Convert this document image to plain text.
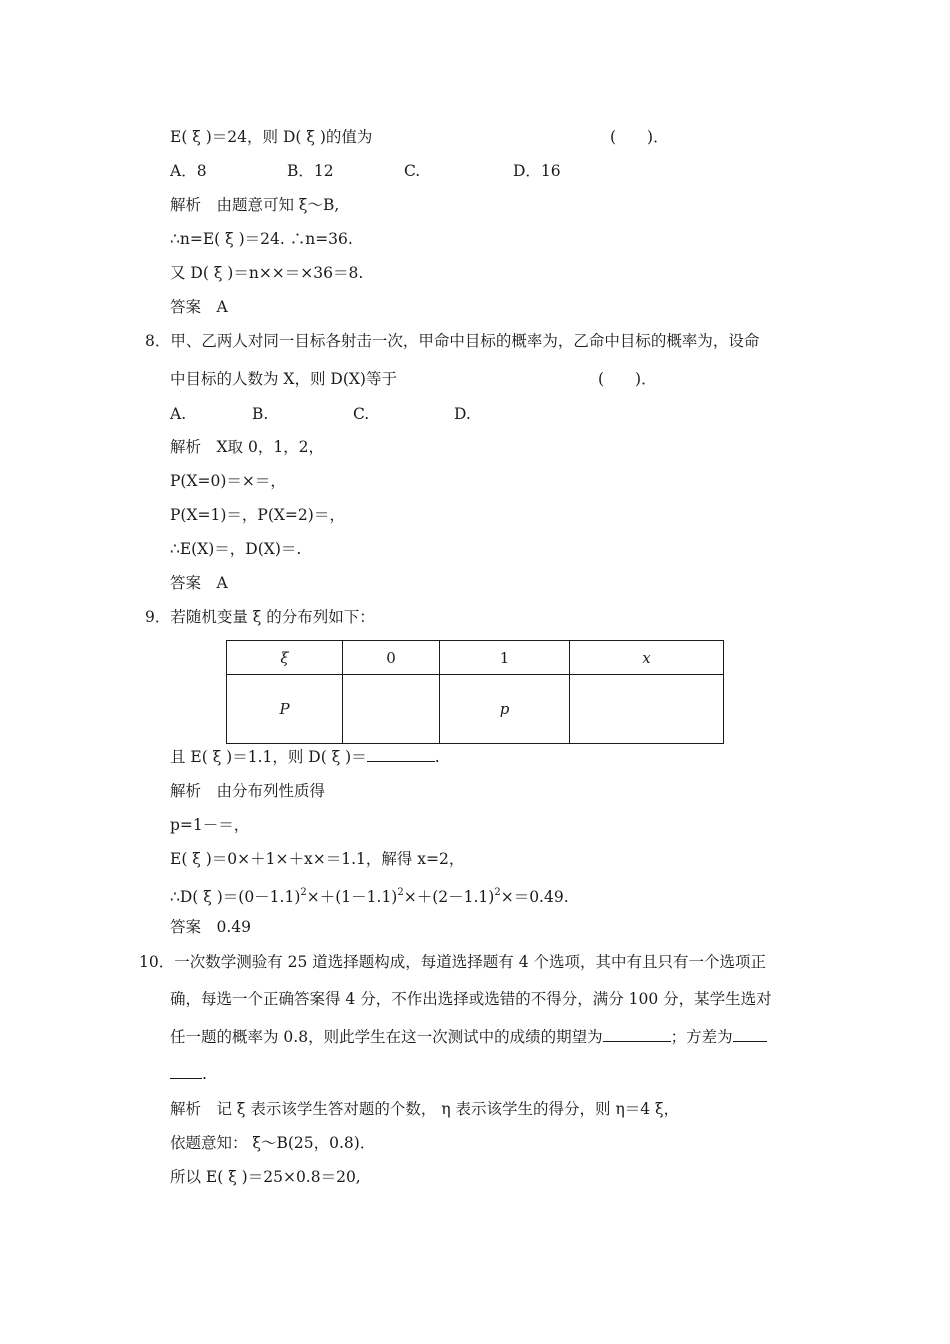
E( ξ )＝24，则 D( ξ )的值为	(　　)．
A．8	B．12	C.	D．16
解析　由题意可知 ξ～B,
∴n=E( ξ )＝24. ∴n=36.
又 D( ξ )＝n××＝×36＝8.
答案　A
8．甲、乙两人对同一目标各射击一次，甲命中目标的概率为，乙命中目标的概率为，设命
中目标的人数为 X，则 D(X)等于	(　　)．
A.	B.	C.	D.
解析　X取 0，1，2，
P(X=0)＝×＝，
P(X=1)＝，P(X=2)＝，
∴E(X)＝，D(X)＝.
答案　A
9．若随机变量 ξ 的分布列如下：
ξ	0	1	x
P		p	
且 E( ξ )＝1.1，则 D( ξ )＝	.
解析　由分布列性质得
p=1－＝，
E( ξ )＝0×＋1×＋x×＝1.1，解得 x=2，
∴D( ξ )$=(0-1.1)^2\times+(1-1.1)^2\times+(2-1.1)^2\times=0.49$.
答案　0.49
10．一次数学测验有 25 道选择题构成，每道选择题有 4 个选项，其中有且只有一个选项正
确，每选一个正确答案得 4 分，不作出选择或选错的不得分，满分 100 分，某学生选对
任一题的概率为 0.8，则此学生在这一次测试中的成绩的期望为	；方差为
.
解析　记 ξ 表示该学生答对题的个数， η 表示该学生的得分，则 η＝4 ξ，
依题意知： ξ～B(25，0.8)．
所以 E( ξ )＝25×0.8＝20,
